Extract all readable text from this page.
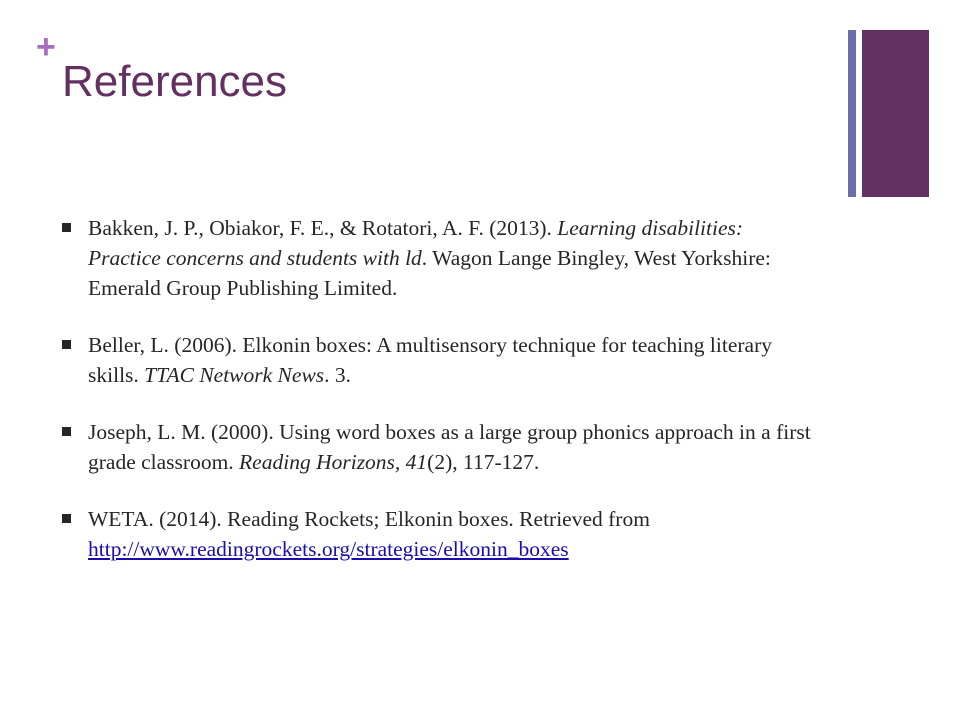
+
References
Bakken, J. P., Obiakor, F. E., & Rotatori, A. F. (2013). Learning disabilities: Practice concerns and students with ld. Wagon Lange Bingley, West Yorkshire: Emerald Group Publishing Limited.
Beller, L. (2006). Elkonin boxes: A multisensory technique for teaching literary skills. TTAC Network News. 3.
Joseph, L. M. (2000). Using word boxes as a large group phonics approach in a first grade classroom. Reading Horizons, 41(2), 117-127.
WETA. (2014). Reading Rockets; Elkonin boxes. Retrieved from http://www.readingrockets.org/strategies/elkonin_boxes
